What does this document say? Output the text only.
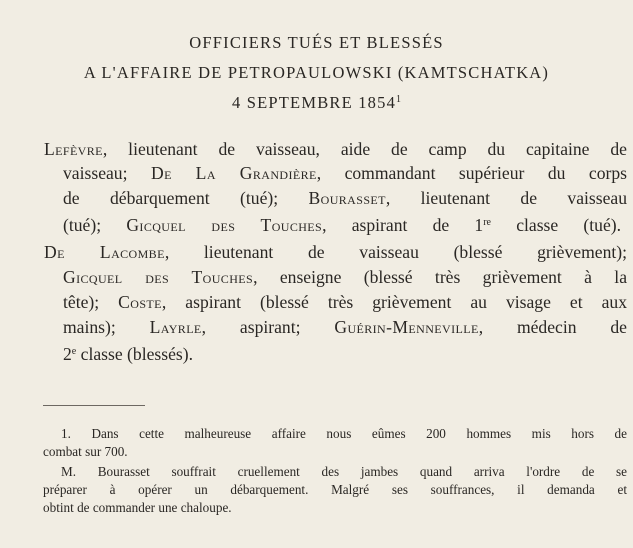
OFFICIERS TUÉS ET BLESSÉS
A L'AFFAIRE DE PETROPAULOWSKI (KAMTSCHATKA)
4 SEPTEMBRE 1854$^1$
Lefèvre, lieutenant de vaisseau, aide de camp du capitaine de
vaisseau; De La Grandière, commandant supérieur du corps
de débarquement (tué); Bourasset, lieutenant de vaisseau
(tué); Gicquel des Touches, aspirant de 1re classe (tué).
De Lacombe, lieutenant de vaisseau (blessé grièvement);
Gicquel des Touches, enseigne (blessé très grièvement à la
tête); Coste, aspirant (blessé très grièvement au visage et aux
mains); Layrle, aspirant; Guérin-Menneville, médecin de
2e classe (blessés).
1. Dans cette malheureuse affaire nous eûmes 200 hommes mis hors de
combat sur 700.
M. Bourasset souffrait cruellement des jambes quand arriva l'ordre de se
préparer à opérer un débarquement. Malgré ses souffrances, il demanda et
obtint de commander une chaloupe.
